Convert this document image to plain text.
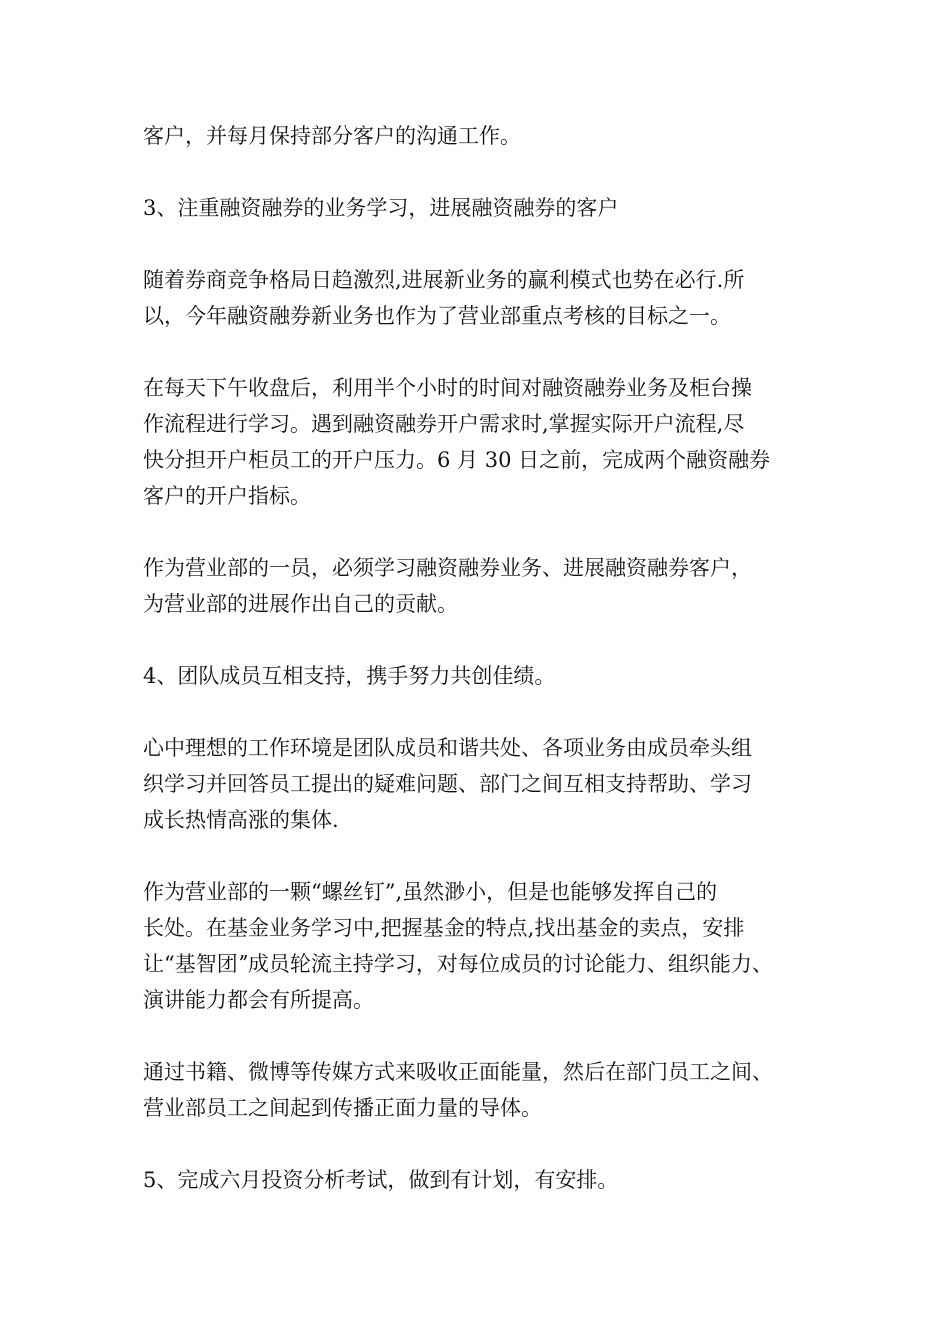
客户，并每月保持部分客户的沟通工作。

3、注重融资融券的业务学习，进展融资融券的客户

随着券商竞争格局日趋激烈,进展新业务的赢利模式也势在必行.所
以，今年融资融券新业务也作为了营业部重点考核的目标之一。

在每天下午收盘后，利用半个小时的时间对融资融券业务及柜台操
作流程进行学习。遇到融资融券开户需求时,掌握实际开户流程,尽
快分担开户柜员工的开户压力。6 月 30 日之前，完成两个融资融券
客户的开户指标。

作为营业部的一员，必须学习融资融券业务、进展融资融券客户，
为营业部的进展作出自己的贡献。

4、团队成员互相支持，携手努力共创佳绩。

心中理想的工作环境是团队成员和谐共处、各项业务由成员牵头组
织学习并回答员工提出的疑难问题、部门之间互相支持帮助、学习
成长热情高涨的集体.

作为营业部的一颗“螺丝钉”,虽然渺小，但是也能够发挥自己的
长处。在基金业务学习中,把握基金的特点,找出基金的卖点，安排
让“基智团ˮ成员轮流主持学习，对每位成员的讨论能力、组织能力、
演讲能力都会有所提高。

通过书籍、微博等传媒方式来吸收正面能量，然后在部门员工之间、
营业部员工之间起到传播正面力量的导体。

5、完成六月投资分析考试，做到有计划，有安排。
